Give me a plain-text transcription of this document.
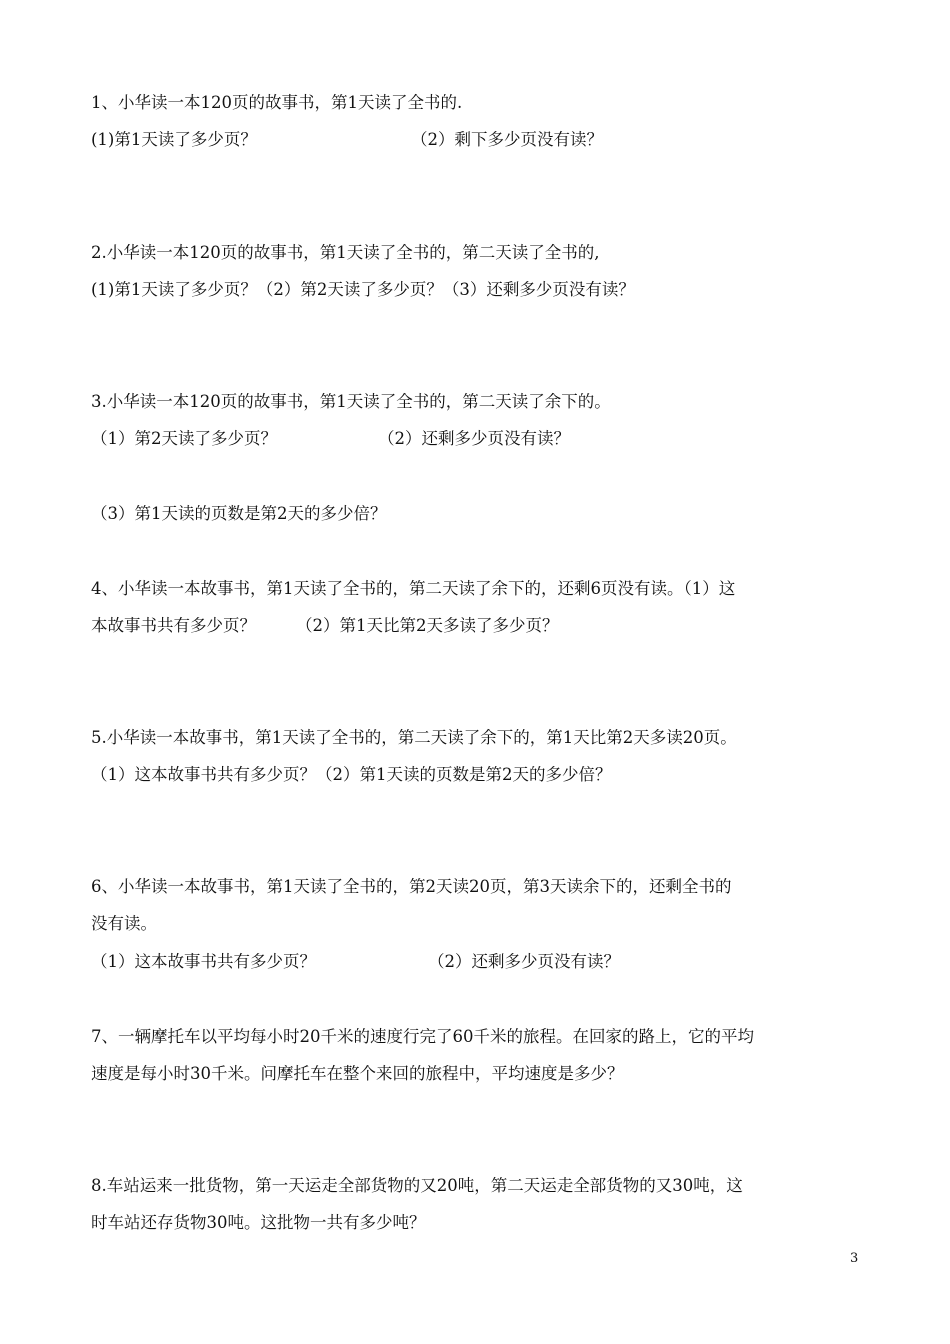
1、小华读一本120页的故事书，第1天读了全书的.
(1)第1天读了多少页？	（2）剩下多少页没有读？
2.小华读一本120页的故事书，第1天读了全书的，第二天读了全书的,
(1)第1天读了多少页？（2）第2天读了多少页？（3）还剩多少页没有读？
3.小华读一本120页的故事书，第1天读了全书的，第二天读了余下的。
（1）第2天读了多少页？	（2）还剩多少页没有读？
（3）第1天读的页数是第2天的多少倍？
4、小华读一本故事书，第1天读了全书的，第二天读了余下的，还剩6页没有读。（1）这
本故事书共有多少页？ （2）第1天比第2天多读了多少页？
5.小华读一本故事书，第1天读了全书的，第二天读了余下的，第1天比第2天多读20页。
（1）这本故事书共有多少页？（2）第1天读的页数是第2天的多少倍？
6、小华读一本故事书，第1天读了全书的，第2天读20页，第3天读余下的，还剩全书的
没有读。
（1）这本故事书共有多少页？	（2）还剩多少页没有读？
7、一辆摩托车以平均每小时20千米的速度行完了60千米的旅程。在回家的路上，它的平均
速度是每小时30千米。问摩托车在整个来回的旅程中，平均速度是多少？
8.车站运来一批货物，第一天运走全部货物的又20吨，第二天运走全部货物的又30吨，这
时车站还存货物30吨。这批物一共有多少吨？
3
